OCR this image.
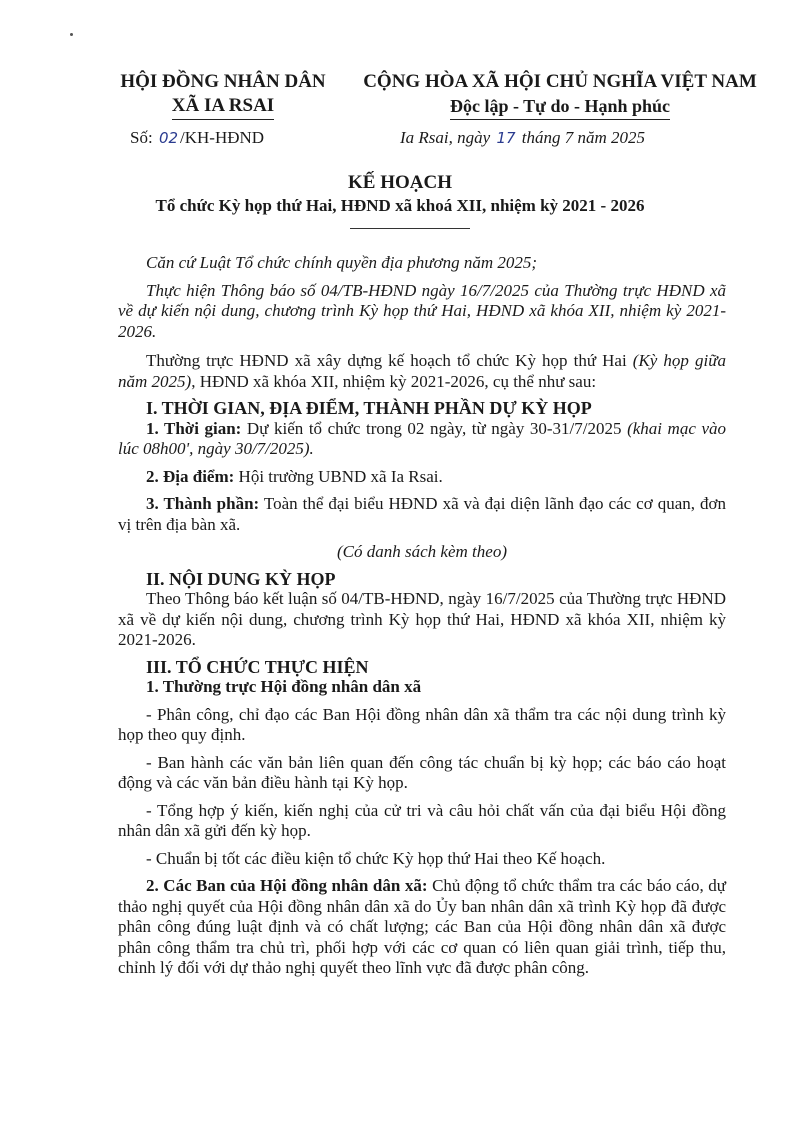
HỘI ĐỒNG NHÂN DÂN
XÃ IA RSAI
CỘNG HÒA XÃ HỘI CHỦ NGHĨA VIỆT NAM
Độc lập - Tự do - Hạnh phúc
Số: 02 /KH-HĐND	Ia Rsai, ngày 17 tháng 7 năm 2025
KẾ HOẠCH
Tổ chức Kỳ họp thứ Hai, HĐND xã khoá XII, nhiệm kỳ 2021 - 2026

Căn cứ Luật Tổ chức chính quyền địa phương năm 2025;

Thực hiện Thông báo số 04/TB-HĐND ngày 16/7/2025 của Thường trực HĐND xã về dự kiến nội dung, chương trình Kỳ họp thứ Hai, HĐND xã khóa XII, nhiệm kỳ 2021-2026.

Thường trực HĐND xã xây dựng kế hoạch tổ chức Kỳ họp thứ Hai (Kỳ họp giữa năm 2025), HĐND xã khóa XII, nhiệm kỳ 2021-2026, cụ thể như sau:

I. THỜI GIAN, ĐỊA ĐIỂM, THÀNH PHẦN DỰ KỲ HỌP

1. Thời gian: Dự kiến tổ chức trong 02 ngày, từ ngày 30-31/7/2025 (khai mạc vào lúc 08h00', ngày 30/7/2025).

2. Địa điểm: Hội trường UBND xã Ia Rsai.

3. Thành phần: Toàn thể đại biểu HĐND xã và đại diện lãnh đạo các cơ quan, đơn vị trên địa bàn xã.

(Có danh sách kèm theo)

II. NỘI DUNG KỲ HỌP

Theo Thông báo kết luận số 04/TB-HĐND, ngày 16/7/2025 của Thường trực HĐND xã về dự kiến nội dung, chương trình Kỳ họp thứ Hai, HĐND xã khóa XII, nhiệm kỳ 2021-2026.

III. TỔ CHỨC THỰC HIỆN

1. Thường trực Hội đồng nhân dân xã

- Phân công, chỉ đạo các Ban Hội đồng nhân dân xã thẩm tra các nội dung trình kỳ họp theo quy định.

- Ban hành các văn bản liên quan đến công tác chuẩn bị kỳ họp; các báo cáo hoạt động và các văn bản điều hành tại Kỳ họp.

- Tổng hợp ý kiến, kiến nghị của cử tri và câu hỏi chất vấn của đại biểu Hội đồng nhân dân xã gửi đến kỳ họp.

- Chuẩn bị tốt các điều kiện tổ chức Kỳ họp thứ Hai theo Kế hoạch.

2. Các Ban của Hội đồng nhân dân xã: Chủ động tổ chức thẩm tra các báo cáo, dự thảo nghị quyết của Hội đồng nhân dân xã do Ủy ban nhân dân xã trình Kỳ họp đã được phân công đúng luật định và có chất lượng; các Ban của Hội đồng nhân dân xã được phân công thẩm tra chủ trì, phối hợp với các cơ quan có liên quan giải trình, tiếp thu, chỉnh lý đối với dự thảo nghị quyết theo lĩnh vực đã được phân công.
